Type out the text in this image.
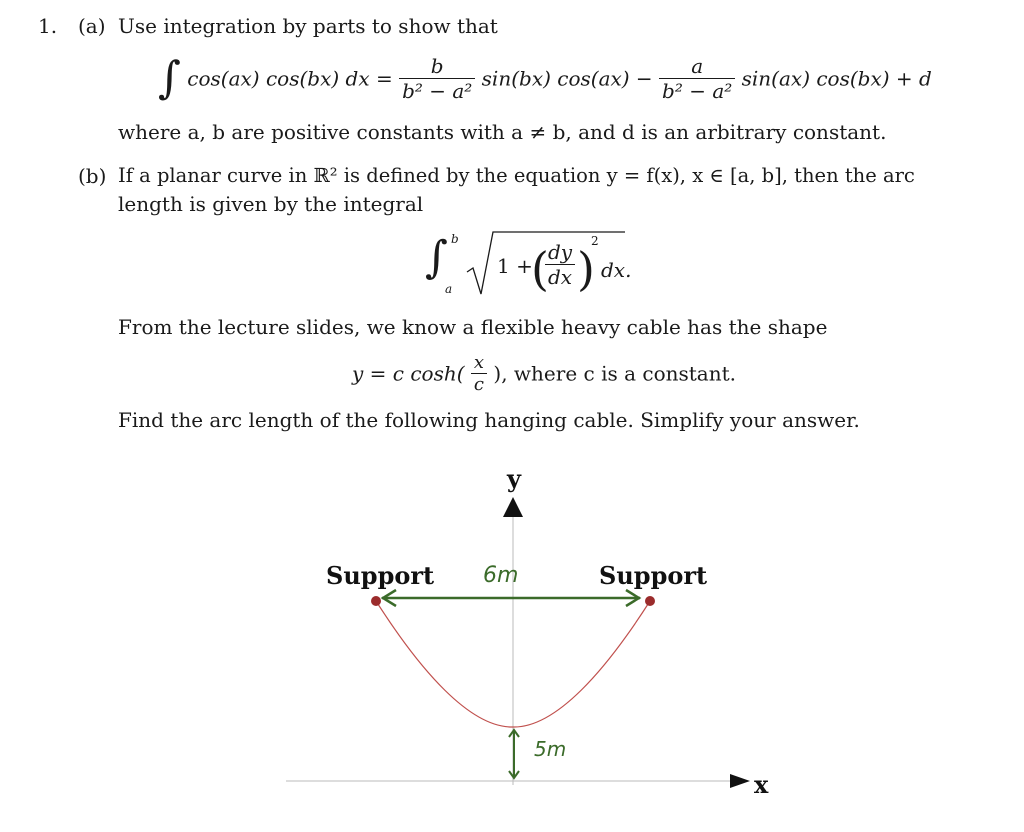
1. (a) Use integration by parts to show that
∫ cos(ax) cos(bx) dx = $\frac{b}{\text{b² − a²}} \sin(bx) \cos(ax) - \frac{a}{\text{b² − a²}} \sin(ax) \cos(bx) + d$
where a, b are positive constants with a ≠ b, and d is an arbitrary constant.
(b) If a planar curve in ℝ² is defined by the equation y = f(x), x ∈ [a, b], then the arc
length is given by the integral
∫ b
a
1 +
(
$\frac{dy}{dx}$ )
2
dx.
From the lecture slides, we know a flexible heavy cable has the shape
y = c $\cosh( \frac{x}{c}$ ), where c is a constant.
Find the arc length of the following hanging cable. Simplify your answer.
y
x
Support	Support
6m
5m
